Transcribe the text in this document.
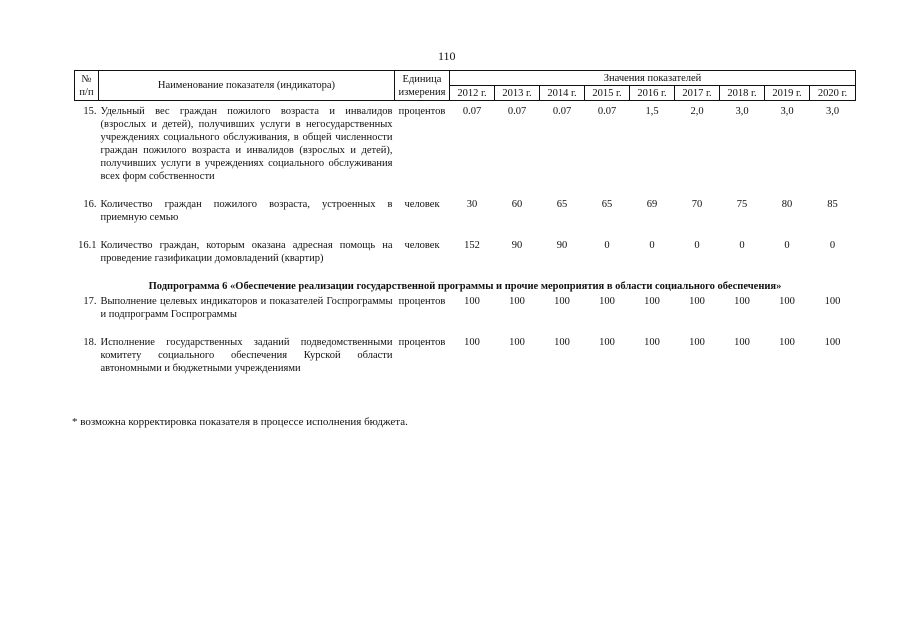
110
№ п/п	Наименование показателя (индикатора)	Единица измерения	Значения показателей								
			2012 г.	2013 г.	2014 г.	2015 г.	2016 г.	2017 г.	2018 г.	2019 г.	2020 г.
15.	Удельный вес граждан пожилого возраста и инвалидов (взрослых и детей), получивших услуги в негосударственных учреждениях социального обслуживания, в общей численности граждан пожилого возраста и инвалидов (взрослых и детей), получивших услуги в учреждениях социального обслуживания всех форм собственности	процентов	0.07	0.07	0.07	0.07	1,5	2,0	3,0	3,0	3,0
16.	Количество граждан пожилого возраста, устроенных в приемную семью	человек	30	60	65	65	69	70	75	80	85
16.1	Количество граждан, которым оказана адресная помощь на проведение газификации домовладений (квартир)	человек	152	90	90	0	0	0	0	0	0
Подпрограмма 6 «Обеспечение реализации государственной программы и прочие мероприятия в области социального обеспечения»											
17.	Выполнение целевых индикаторов и показателей Госпрограммы и подпрограмм Госпрограммы	процентов	100	100	100	100	100	100	100	100	100
18.	Исполнение государственных заданий подведомственными комитету социального обеспечения Курской области автономными и бюджетными учреждениями	процентов	100	100	100	100	100	100	100	100	100
* возможна корректировка показателя в процессе исполнения бюджета.
